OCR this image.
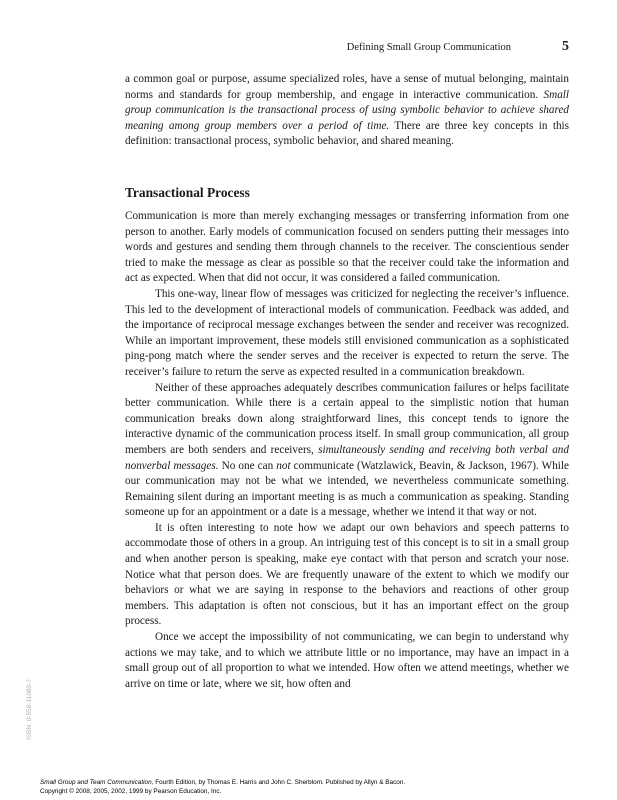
Defining Small Group Communication	5

a common goal or purpose, assume specialized roles, have a sense of mutual belonging, maintain norms and standards for group membership, and engage in interactive communication. Small group communication is the transactional process of using symbolic behavior to achieve shared meaning among group members over a period of time. There are three key concepts in this definition: transactional process, symbolic behavior, and shared meaning.

Transactional Process

Communication is more than merely exchanging messages or transferring information from one person to another. Early models of communication focused on senders putting their messages into words and gestures and sending them through channels to the receiver. The conscientious sender tried to make the message as clear as possible so that the receiver could take the information and act as expected. When that did not occur, it was considered a failed communication.

This one-way, linear flow of messages was criticized for neglecting the receiver’s influence. This led to the development of interactional models of communication. Feedback was added, and the importance of reciprocal message exchanges between the sender and receiver was recognized. While an important improvement, these models still envisioned communication as a sophisticated ping-pong match where the sender serves and the receiver is expected to return the serve. The receiver’s failure to return the serve as expected resulted in a communication breakdown.

Neither of these approaches adequately describes communication failures or helps facilitate better communication. While there is a certain appeal to the simplistic notion that human communication breaks down along straightforward lines, this concept tends to ignore the interactive dynamic of the communication process itself. In small group communication, all group members are both senders and receivers, simultaneously sending and receiving both verbal and nonverbal messages. No one can not communicate (Watzlawick, Beavin, & Jackson, 1967). While our communication may not be what we intended, we nevertheless communicate something. Remaining silent during an important meeting is as much a communication as speaking. Standing someone up for an appointment or a date is a message, whether we intend it that way or not.

It is often interesting to note how we adapt our own behaviors and speech patterns to accommodate those of others in a group. An intriguing test of this concept is to sit in a small group and when another person is speaking, make eye contact with that person and scratch your nose. Notice what that person does. We are frequently unaware of the extent to which we modify our behaviors or what we are saying in response to the behaviors and reactions of other group members. This adaptation is often not conscious, but it has an important effect on the group process.

Once we accept the impossibility of not communicating, we can begin to understand why actions we may take, and to which we attribute little or no importance, may have an impact in a small group out of all proportion to what we intended. How often we attend meetings, whether we arrive on time or late, where we sit, how often and

ISBN: 0-558-11080-7
Small Group and Team Communication, Fourth Edition, by Thomas E. Harris and John C. Sherblom. Published by Allyn & Bacon.
Copyright © 2008, 2005, 2002, 1999 by Pearson Education, Inc.
